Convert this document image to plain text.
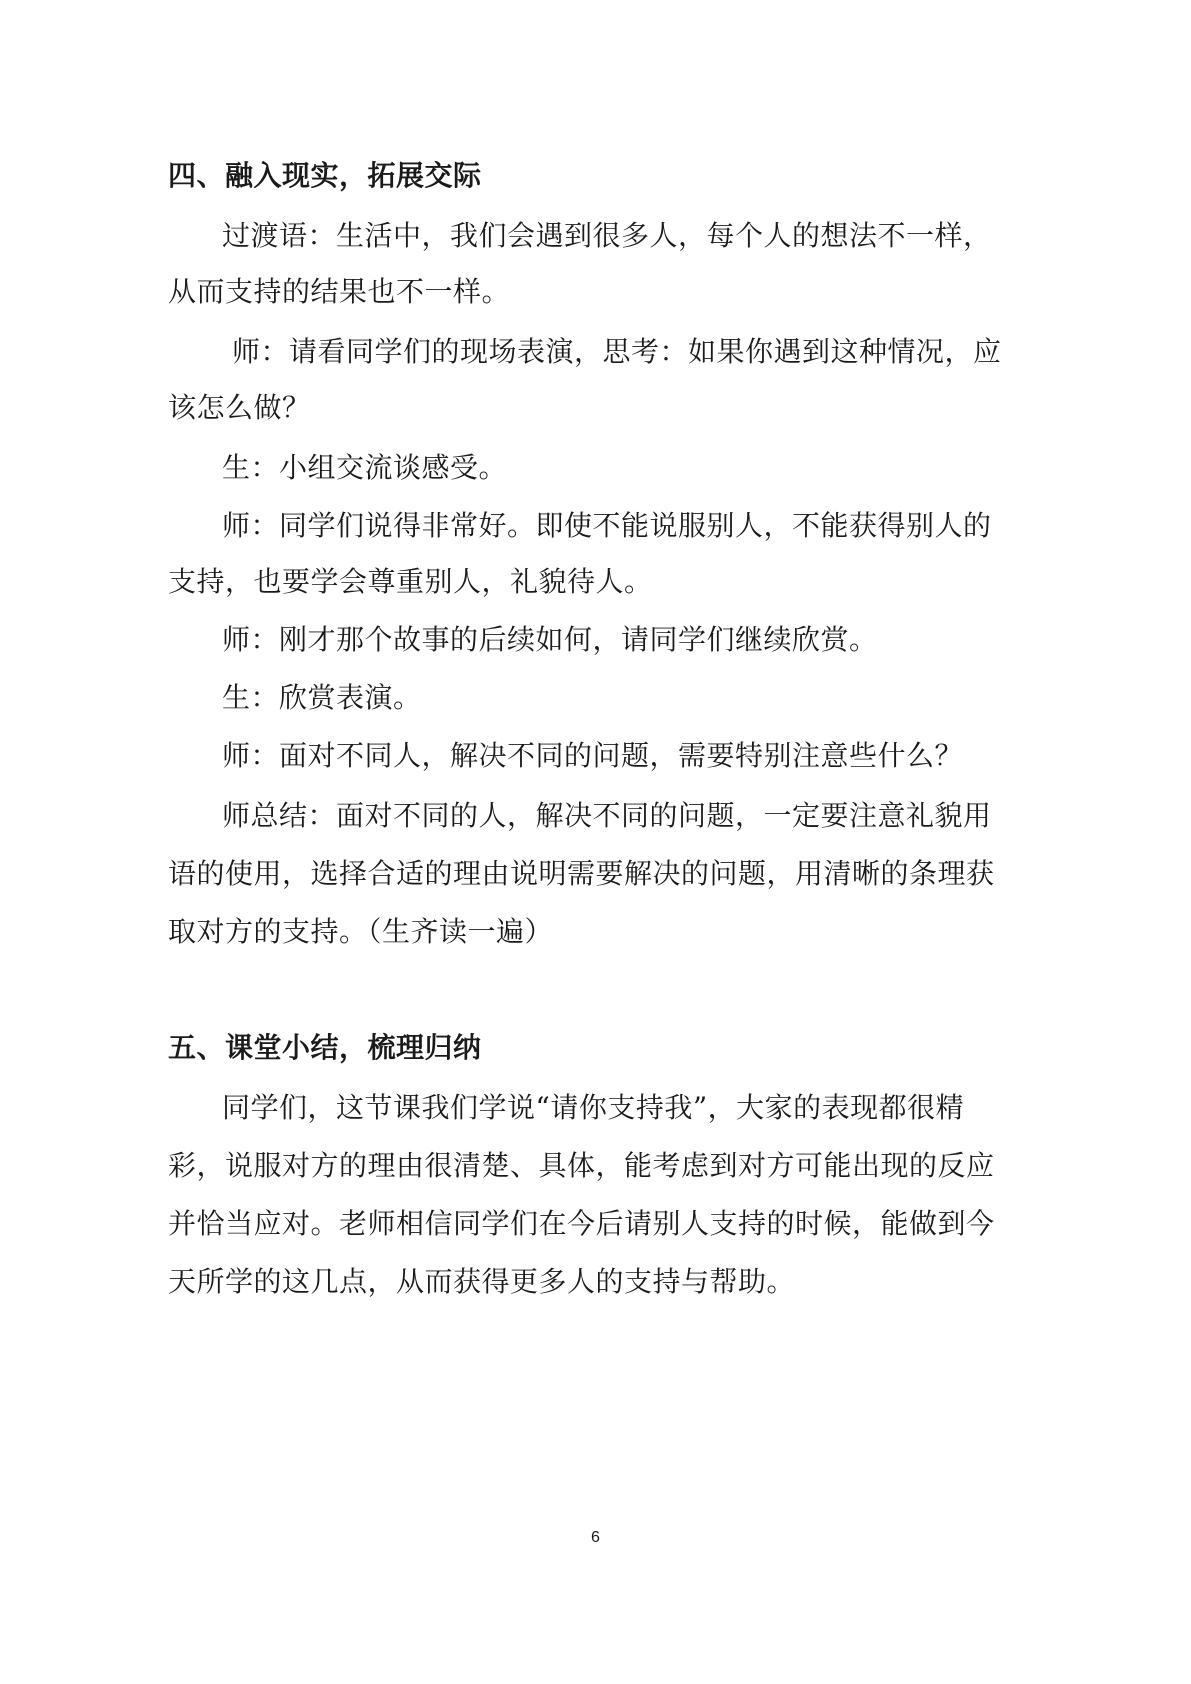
四、融入现实，拓展交际

过渡语：生活中，我们会遇到很多人，每个人的想法不一样，

从而支持的结果也不一样。

师：请看同学们的现场表演，思考：如果你遇到这种情况，应

该怎么做？

生：小组交流谈感受。

师：同学们说得非常好。即使不能说服别人，不能获得别人的

支持，也要学会尊重别人，礼貌待人。

师：刚才那个故事的后续如何，请同学们继续欣赏。

生：欣赏表演。

师：面对不同人，解决不同的问题，需要特别注意些什么？

师总结：面对不同的人，解决不同的问题，一定要注意礼貌用

语的使用，选择合适的理由说明需要解决的问题，用清晰的条理获

取对方的支持。（生齐读一遍）

五、课堂小结，梳理归纳

同学们，这节课我们学说“请你支持我”，大家的表现都很精

彩，说服对方的理由很清楚、具体，能考虑到对方可能出现的反应

并恰当应对。老师相信同学们在今后请别人支持的时候，能做到今

天所学的这几点，从而获得更多人的支持与帮助。

6
